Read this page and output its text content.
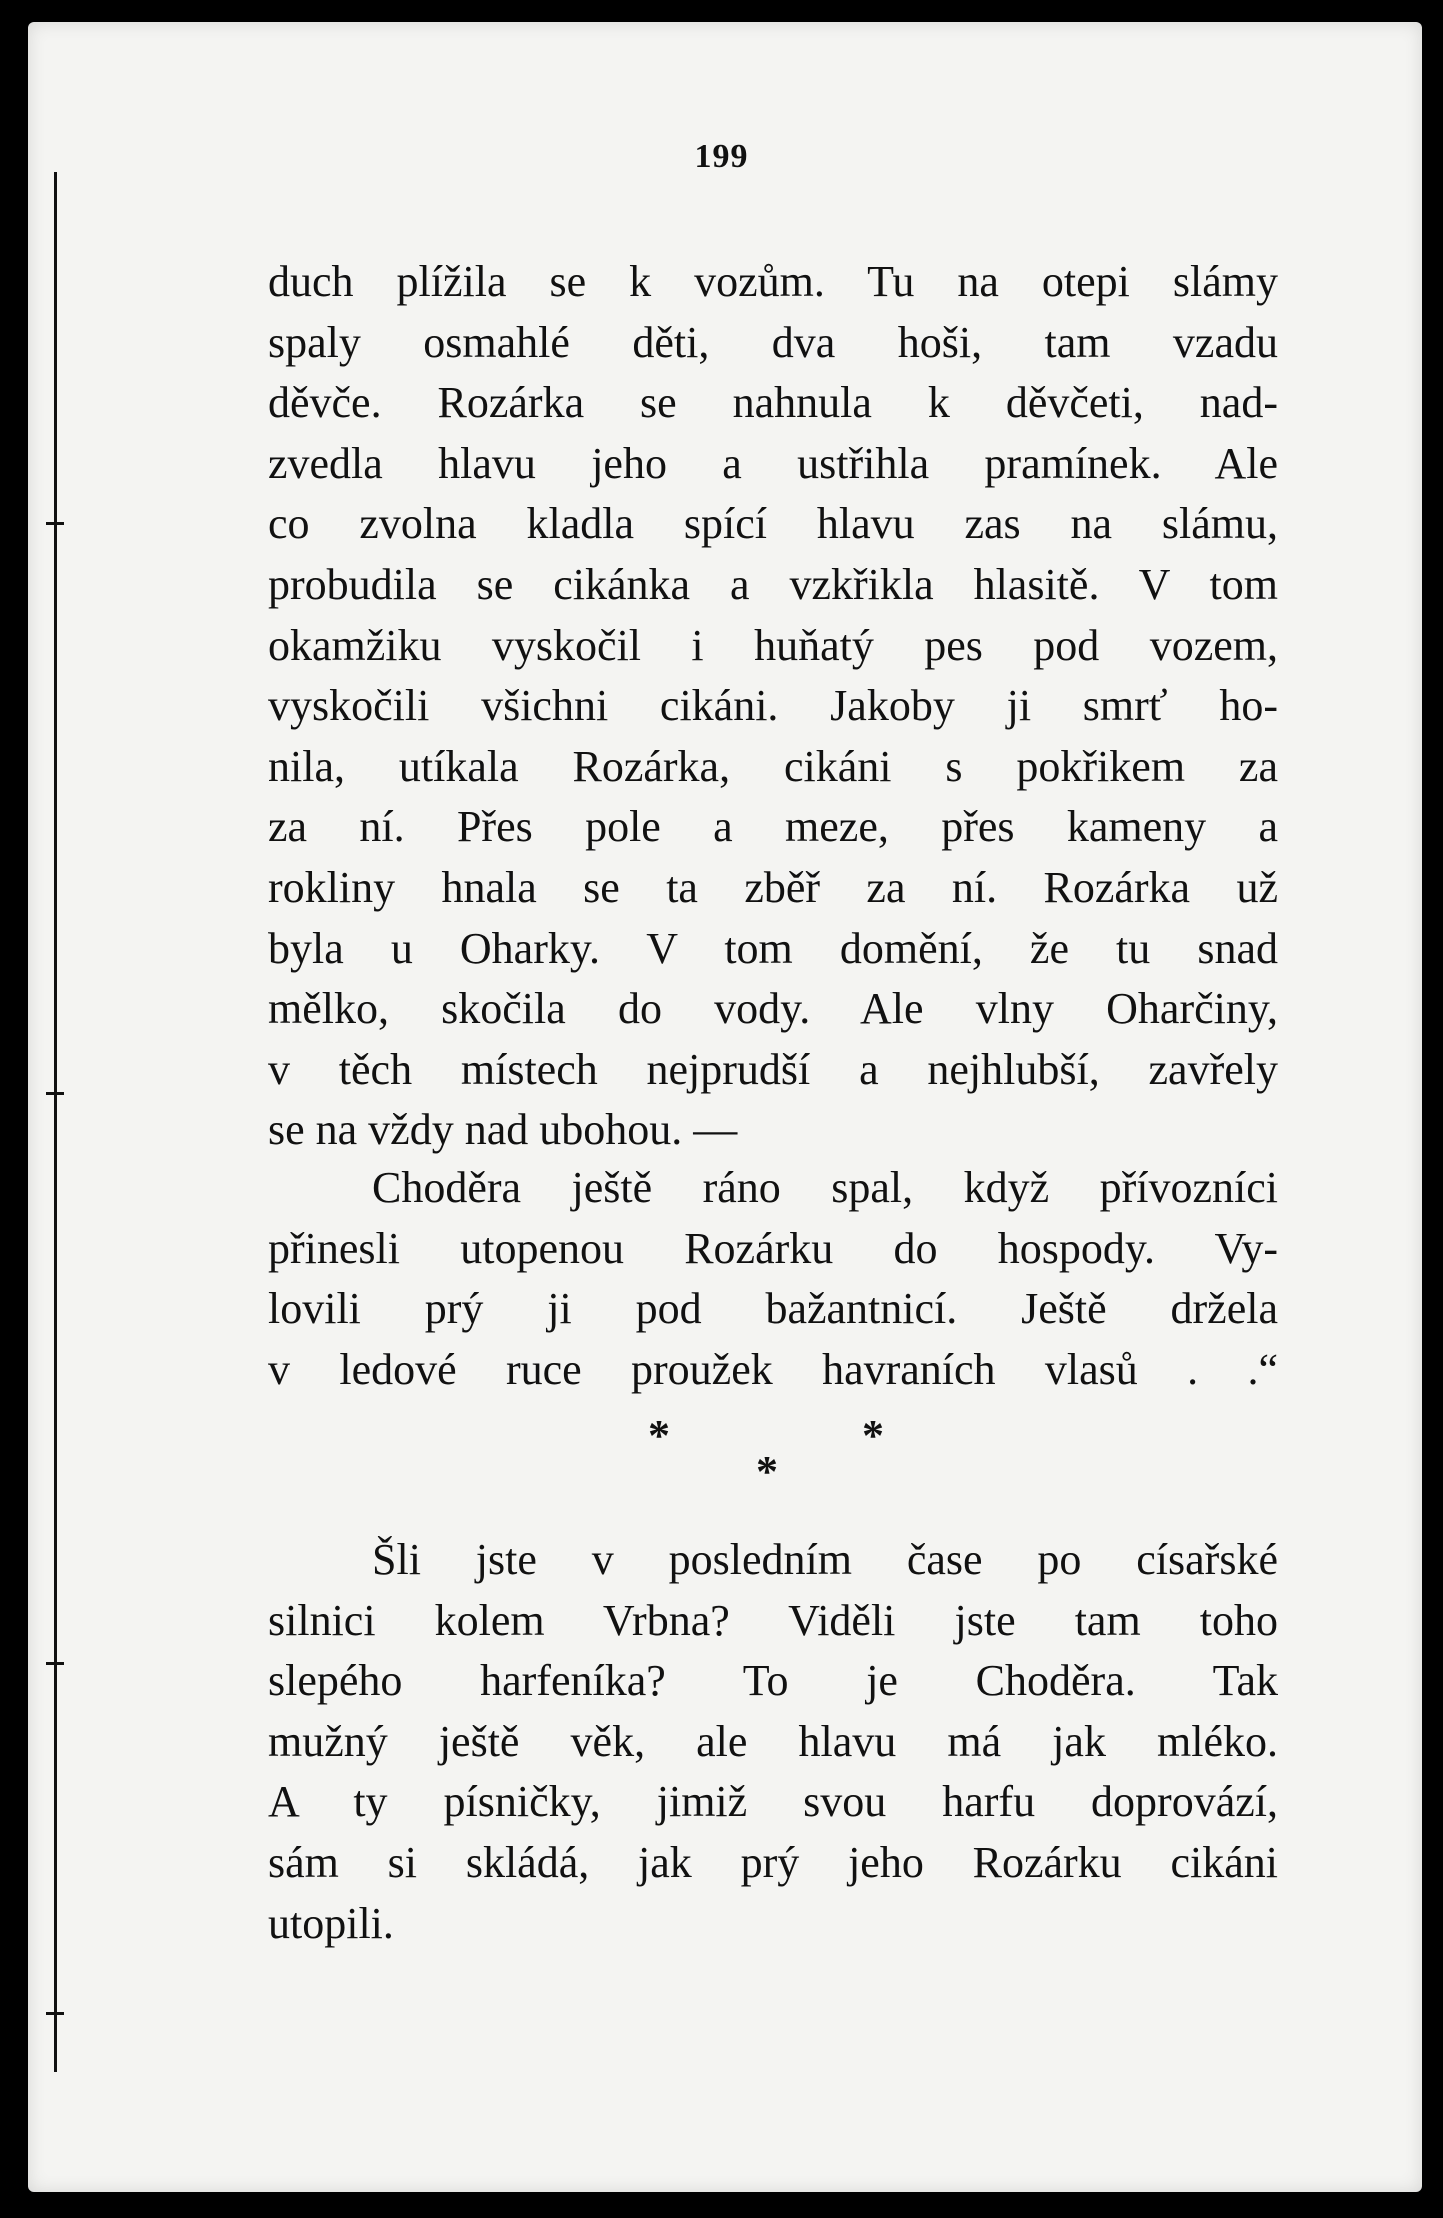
199
duch plížila se k vozům. Tu na otepi slámy
spaly osmahlé děti, dva hoši, tam vzadu
děvče. Rozárka se nahnula k děvčeti, nad-
zvedla hlavu jeho a ustřihla pramínek. Ale
co zvolna kladla spící hlavu zas na slámu,
probudila se cikánka a vzkřikla hlasitě. V tom
okamžiku vyskočil i huňatý pes pod vozem,
vyskočili všichni cikáni. Jakoby ji smrť ho-
nila, utíkala Rozárka, cikáni s pokřikem za
za ní. Přes pole a meze, přes kameny a
rokliny hnala se ta zběř za ní. Rozárka už
byla u Oharky. V tom domění, že tu snad
mělko, skočila do vody. Ale vlny Oharčiny,
v těch místech nejprudší a nejhlubší, zavřely
se na vždy nad ubohou. —
Choděra ještě ráno spal, když přívozníci
přinesli utopenou Rozárku do hospody. Vy-
lovili prý ji pod bažantnicí. Ještě držela
v ledové ruce proužek havraních vlasů . .“
*	*
*
Šli jste v posledním čase po císařské
silnici kolem Vrbna? Viděli jste tam toho
slepého harfeníka? To je Choděra. Tak
mužný ještě věk, ale hlavu má jak mléko.
A ty písničky, jimiž svou harfu doprovází,
sám si skládá, jak prý jeho Rozárku cikáni
utopili.
